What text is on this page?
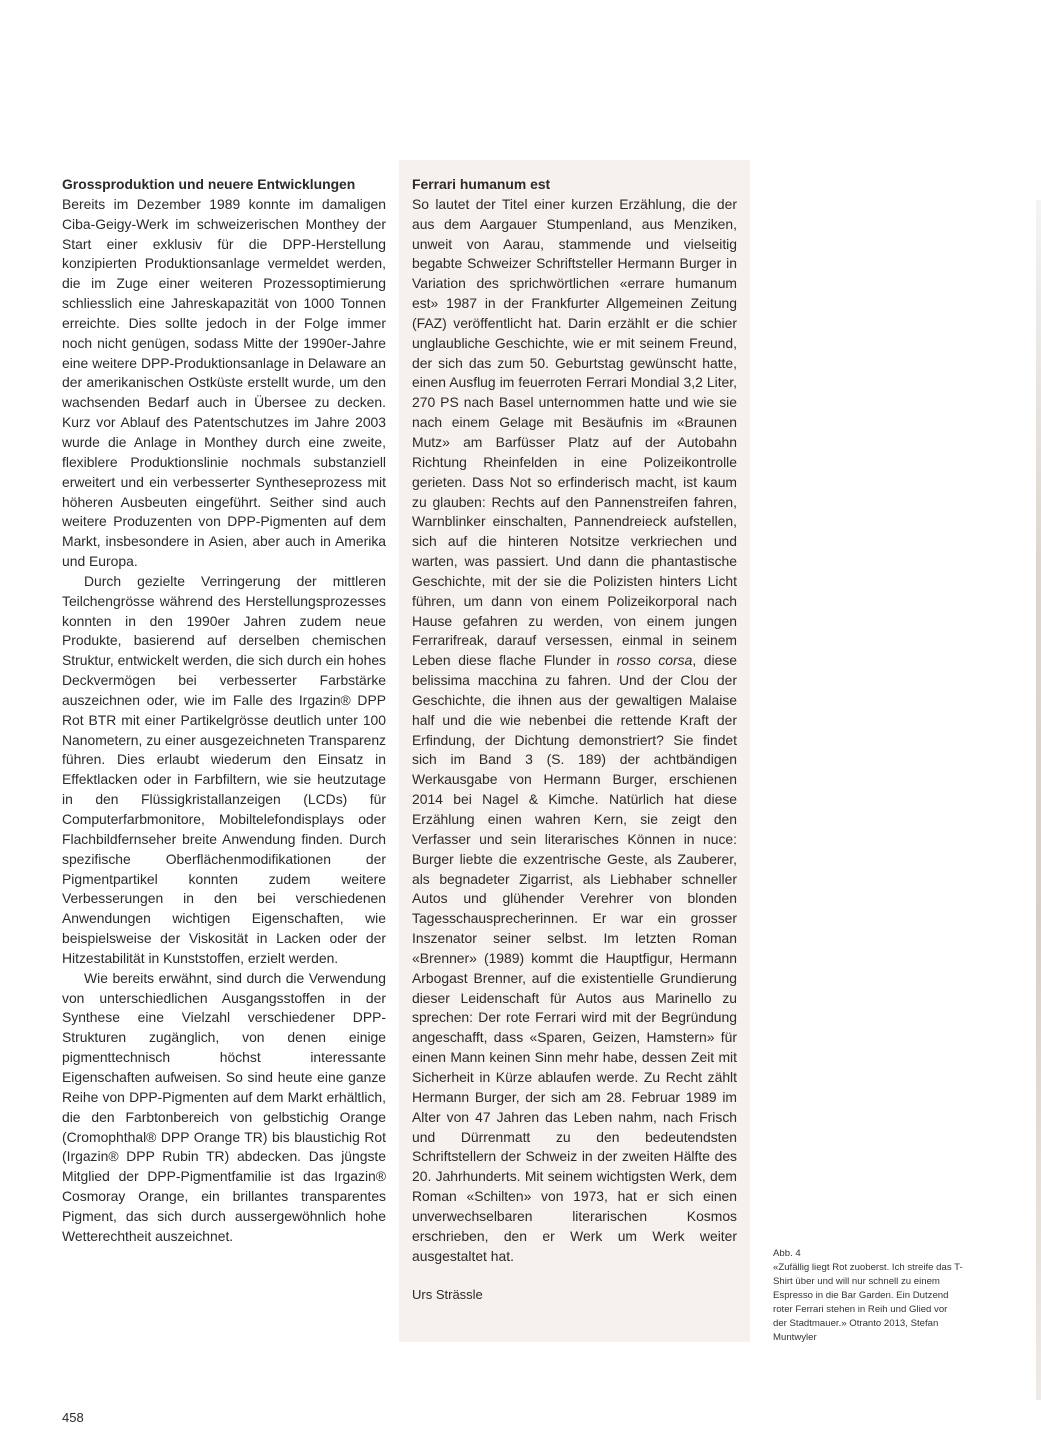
Grossproduktion und neuere Entwicklungen

Bereits im Dezember 1989 konnte im damaligen Ciba-Geigy-Werk im schweizerischen Monthey der Start einer exklusiv für die DPP-Herstellung konzipierten Produktionsanlage vermeldet werden, die im Zuge einer weiteren Prozessoptimierung schliesslich eine Jahreskapazität von 1000 Tonnen erreichte. Dies sollte jedoch in der Folge immer noch nicht genügen, sodass Mitte der 1990er-Jahre eine weitere DPP-Produktionsanlage in Delaware an der amerikanischen Ostküste erstellt wurde, um den wachsenden Bedarf auch in Übersee zu decken. Kurz vor Ablauf des Patentschutzes im Jahre 2003 wurde die Anlage in Monthey durch eine zweite, flexiblere Produktionslinie nochmals substanziell erweitert und ein verbesserter Syntheseprozess mit höheren Ausbeuten eingeführt. Seither sind auch weitere Produzenten von DPP-Pigmenten auf dem Markt, insbesondere in Asien, aber auch in Amerika und Europa.

Durch gezielte Verringerung der mittleren Teilchengrösse während des Herstellungsprozesses konnten in den 1990er Jahren zudem neue Produkte, basierend auf derselben chemischen Struktur, entwickelt werden, die sich durch ein hohes Deckvermögen bei verbesserter Farbstärke auszeichnen oder, wie im Falle des Irgazin® DPP Rot BTR mit einer Partikelgrösse deutlich unter 100 Nanometern, zu einer ausgezeichneten Transparenz führen. Dies erlaubt wiederum den Einsatz in Effektlacken oder in Farbfiltern, wie sie heutzutage in den Flüssigkristallanzeigen (LCDs) für Computerfarbmonitore, Mobiltelefondisplays oder Flachbildfernseher breite Anwendung finden. Durch spezifische Oberflächenmodifikationen der Pigmentpartikel konnten zudem weitere Verbesserungen in den bei verschiedenen Anwendungen wichtigen Eigenschaften, wie beispielsweise der Viskosität in Lacken oder der Hitzestabilität in Kunststoffen, erzielt werden.

Wie bereits erwähnt, sind durch die Verwendung von unterschiedlichen Ausgangsstoffen in der Synthese eine Vielzahl verschiedener DPP-Strukturen zugänglich, von denen einige pigmenttechnisch höchst interessante Eigenschaften aufweisen. So sind heute eine ganze Reihe von DPP-Pigmenten auf dem Markt erhältlich, die den Farbtonbereich von gelbstichig Orange (Cromophthal® DPP Orange TR) bis blaustichig Rot (Irgazin® DPP Rubin TR) abdecken. Das jüngste Mitglied der DPP-Pigmentfamilie ist das Irgazin® Cosmoray Orange, ein brillantes transparentes Pigment, das sich durch aussergewöhnlich hohe Wetterechtheit auszeichnet.

Ferrari humanum est

So lautet der Titel einer kurzen Erzählung, die der aus dem Aargauer Stumpenland, aus Menziken, unweit von Aarau, stammende und vielseitig begabte Schweizer Schriftsteller Hermann Burger in Variation des sprichwörtlichen «errare humanum est» 1987 in der Frankfurter Allgemeinen Zeitung (FAZ) veröffentlicht hat. Darin erzählt er die schier unglaubliche Geschichte, wie er mit seinem Freund, der sich das zum 50. Geburtstag gewünscht hatte, einen Ausflug im feuerroten Ferrari Mondial 3,2 Liter, 270 PS nach Basel unternommen hatte und wie sie nach einem Gelage mit Besäufnis im «Braunen Mutz» am Barfüsser Platz auf der Autobahn Richtung Rheinfelden in eine Polizeikontrolle gerieten. Dass Not so erfinderisch macht, ist kaum zu glauben: Rechts auf den Pannenstreifen fahren, Warnblinker einschalten, Pannendreieck aufstellen, sich auf die hinteren Notsitze verkriechen und warten, was passiert. Und dann die phantastische Geschichte, mit der sie die Polizisten hinters Licht führen, um dann von einem Polizeikorporal nach Hause gefahren zu werden, von einem jungen Ferrarifreak, darauf versessen, einmal in seinem Leben diese flache Flunder in rosso corsa, diese belissima macchina zu fahren. Und der Clou der Geschichte, die ihnen aus der gewaltigen Malaise half und die wie nebenbei die rettende Kraft der Erfindung, der Dichtung demonstriert? Sie findet sich im Band 3 (S. 189) der achtbändigen Werkausgabe von Hermann Burger, erschienen 2014 bei Nagel & Kimche. Natürlich hat diese Erzählung einen wahren Kern, sie zeigt den Verfasser und sein literarisches Können in nuce: Burger liebte die exzentrische Geste, als Zauberer, als begnadeter Zigarrist, als Liebhaber schneller Autos und glühender Verehrer von blonden Tagesschausprecherinnen. Er war ein grosser Inszenator seiner selbst. Im letzten Roman «Brenner» (1989) kommt die Hauptfigur, Hermann Arbogast Brenner, auf die existentielle Grundierung dieser Leidenschaft für Autos aus Marinello zu sprechen: Der rote Ferrari wird mit der Begründung angeschafft, dass «Sparen, Geizen, Hamstern» für einen Mann keinen Sinn mehr habe, dessen Zeit mit Sicherheit in Kürze ablaufen werde. Zu Recht zählt Hermann Burger, der sich am 28. Februar 1989 im Alter von 47 Jahren das Leben nahm, nach Frisch und Dürrenmatt zu den bedeutendsten Schriftstellern der Schweiz in der zweiten Hälfte des 20. Jahrhunderts. Mit seinem wichtigsten Werk, dem Roman «Schilten» von 1973, hat er sich einen unverwechselbaren literarischen Kosmos erschrieben, den er Werk um Werk weiter ausgestaltet hat.

Urs Strässle

Abb. 4

«Zufällig liegt Rot zuoberst. Ich streife das T-Shirt über und will nur schnell zu einem Espresso in die Bar Garden. Ein Dutzend roter Ferrari stehen in Reih und Glied vor der Stadtmauer.» Otranto 2013, Stefan Muntwyler

458
